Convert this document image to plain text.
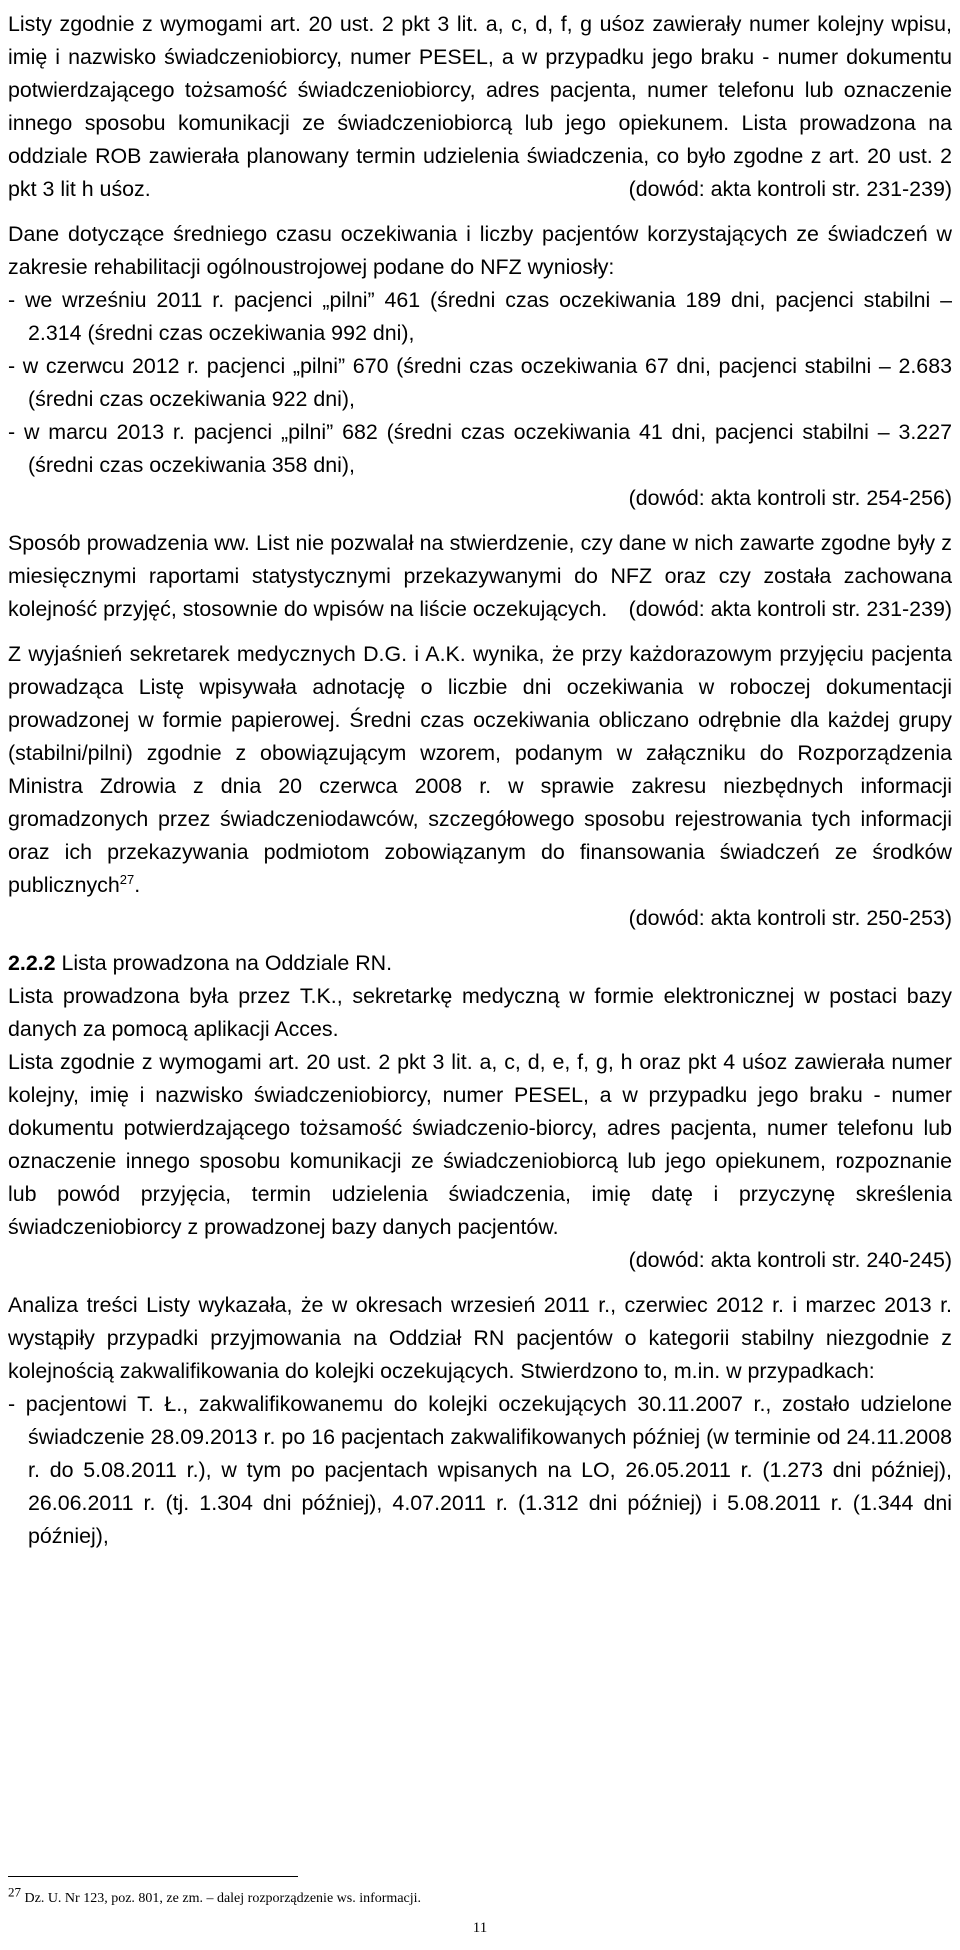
Listy zgodnie z wymogami art. 20 ust. 2 pkt 3 lit. a, c, d, f, g uśoz zawierały numer kolejny wpisu, imię i nazwisko świadczeniobiorcy, numer PESEL, a w przypadku jego braku - numer dokumentu potwierdzającego tożsamość świadczeniobiorcy, adres pacjenta, numer telefonu lub oznaczenie innego sposobu komunikacji ze świadczeniobiorcą lub jego opiekunem. Lista prowadzona na oddziale ROB zawierała planowany termin udzielenia świadczenia, co było zgodne z art. 20 ust. 2 pkt 3 lit h uśoz.	(dowód: akta kontroli str. 231-239)

Dane dotyczące średniego czasu oczekiwania i liczby pacjentów korzystających ze świadczeń w zakresie rehabilitacji ogólnoustrojowej podane do NFZ wyniosły:

- we wrześniu 2011 r. pacjenci „pilni” 461 (średni czas oczekiwania 189 dni, pacjenci stabilni – 2.314 (średni czas oczekiwania 992 dni),

- w czerwcu 2012 r. pacjenci „pilni” 670 (średni czas oczekiwania 67 dni, pacjenci stabilni – 2.683 (średni czas oczekiwania 922 dni),

- w marcu 2013 r. pacjenci „pilni” 682 (średni czas oczekiwania 41 dni, pacjenci stabilni – 3.227 (średni czas oczekiwania 358 dni),

(dowód: akta kontroli str. 254-256)

Sposób prowadzenia ww. List nie pozwalał na stwierdzenie, czy dane w nich zawarte zgodne były z miesięcznymi raportami statystycznymi przekazywanymi do NFZ oraz czy została zachowana kolejność przyjęć, stosownie do wpisów na liście oczekujących. (dowód: akta kontroli str. 231-239)

Z wyjaśnień sekretarek medycznych D.G. i A.K. wynika, że przy każdorazowym przyjęciu pacjenta prowadząca Listę wpisywała adnotację o liczbie dni oczekiwania w roboczej dokumentacji prowadzonej w formie papierowej. Średni czas oczekiwania obliczano odrębnie dla każdej grupy (stabilni/pilni) zgodnie z obowiązującym wzorem, podanym w załączniku do Rozporządzenia Ministra Zdrowia z dnia 20 czerwca 2008 r. w sprawie zakresu niezbędnych informacji gromadzonych przez świadczeniodawców, szczegółowego sposobu rejestrowania tych informacji oraz ich przekazywania podmiotom zobowiązanym do finansowania świadczeń ze środków publicznych$^{27}$.

(dowód: akta kontroli str. 250-253)

2.2.2 Lista prowadzona na Oddziale RN.

Lista prowadzona była przez T.K., sekretarkę medyczną w formie elektronicznej w postaci bazy danych za pomocą aplikacji Acces.

Lista zgodnie z wymogami art. 20 ust. 2 pkt 3 lit. a, c, d, e, f, g, h oraz pkt 4 uśoz zawierała numer kolejny, imię i nazwisko świadczeniobiorcy, numer PESEL, a w przypadku jego braku - numer dokumentu potwierdzającego tożsamość świadczenio-biorcy, adres pacjenta, numer telefonu lub oznaczenie innego sposobu komunikacji ze świadczeniobiorcą lub jego opiekunem, rozpoznanie lub powód przyjęcia, termin udzielenia świadczenia, imię datę i przyczynę skreślenia świadczeniobiorcy z prowadzonej bazy danych pacjentów.

(dowód: akta kontroli str. 240-245)

Analiza treści Listy wykazała, że w okresach wrzesień 2011 r., czerwiec 2012 r. i marzec 2013 r. wystąpiły przypadki przyjmowania na Oddział RN pacjentów o kategorii stabilny niezgodnie z kolejnością zakwalifikowania do kolejki oczekujących. Stwierdzono to, m.in. w przypadkach:

- pacjentowi T. Ł., zakwalifikowanemu do kolejki oczekujących 30.11.2007 r., zostało udzielone świadczenie 28.09.2013 r. po 16 pacjentach zakwalifikowanych później (w terminie od 24.11.2008 r. do 5.08.2011 r.), w tym po pacjentach wpisanych na LO, 26.05.2011 r. (1.273 dni później), 26.06.2011 r. (tj. 1.304 dni później), 4.07.2011 r. (1.312 dni później) i 5.08.2011 r. (1.344 dni później),

$^{27}$ Dz. U. Nr 123, poz. 801, ze zm. – dalej rozporządzenie ws. informacji.
11
